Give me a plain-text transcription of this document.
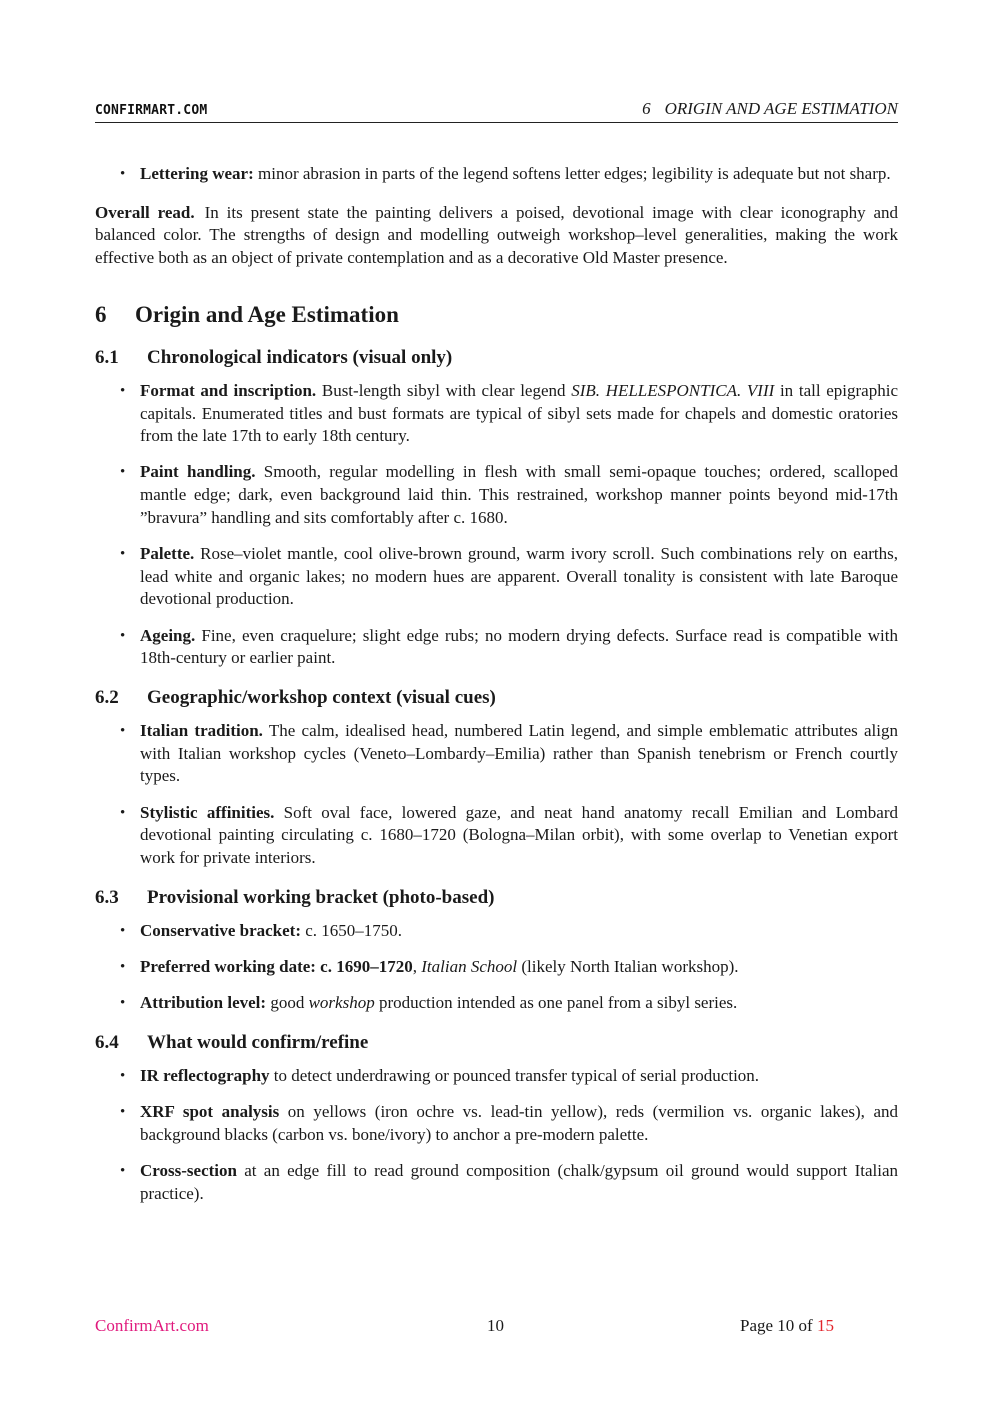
CONFIRMART.COM	6 ORIGIN AND AGE ESTIMATION
• Lettering wear: minor abrasion in parts of the legend softens letter edges; legibility is adequate but not sharp.

Overall read. In its present state the painting delivers a poised, devotional image with clear iconography and balanced color. The strengths of design and modelling outweigh workshop–level generalities, making the work effective both as an object of private contemplation and as a decorative Old Master presence.

6 Origin and Age Estimation
6.1 Chronological indicators (visual only)
• Format and inscription. Bust-length sibyl with clear legend SIB. HELLESPONTICA. VIII in tall epigraphic capitals. Enumerated titles and bust formats are typical of sibyl sets made for chapels and domestic oratories from the late 17th to early 18th century.
• Paint handling. Smooth, regular modelling in flesh with small semi-opaque touches; ordered, scalloped mantle edge; dark, even background laid thin. This restrained, workshop manner points beyond mid-17th ”bravura” handling and sits comfortably after c. 1680.
• Palette. Rose–violet mantle, cool olive-brown ground, warm ivory scroll. Such combinations rely on earths, lead white and organic lakes; no modern hues are apparent. Overall tonality is consistent with late Baroque devotional production.
• Ageing. Fine, even craquelure; slight edge rubs; no modern drying defects. Surface read is compatible with 18th-century or earlier paint.
6.2 Geographic/workshop context (visual cues)
• Italian tradition. The calm, idealised head, numbered Latin legend, and simple emblematic attributes align with Italian workshop cycles (Veneto–Lombardy–Emilia) rather than Spanish tenebrism or French courtly types.
• Stylistic affinities. Soft oval face, lowered gaze, and neat hand anatomy recall Emilian and Lombard devotional painting circulating c. 1680–1720 (Bologna–Milan orbit), with some overlap to Venetian export work for private interiors.
6.3 Provisional working bracket (photo-based)
• Conservative bracket: c. 1650–1750.
• Preferred working date: c. 1690–1720, Italian School (likely North Italian workshop).
• Attribution level: good workshop production intended as one panel from a sibyl series.
6.4 What would confirm/refine
• IR reflectography to detect underdrawing or pounced transfer typical of serial production.
• XRF spot analysis on yellows (iron ochre vs. lead-tin yellow), reds (vermilion vs. organic lakes), and background blacks (carbon vs. bone/ivory) to anchor a pre-modern palette.
• Cross-section at an edge fill to read ground composition (chalk/gypsum oil ground would support Italian practice).
ConfirmArt.com	10	Page 10 of 15
